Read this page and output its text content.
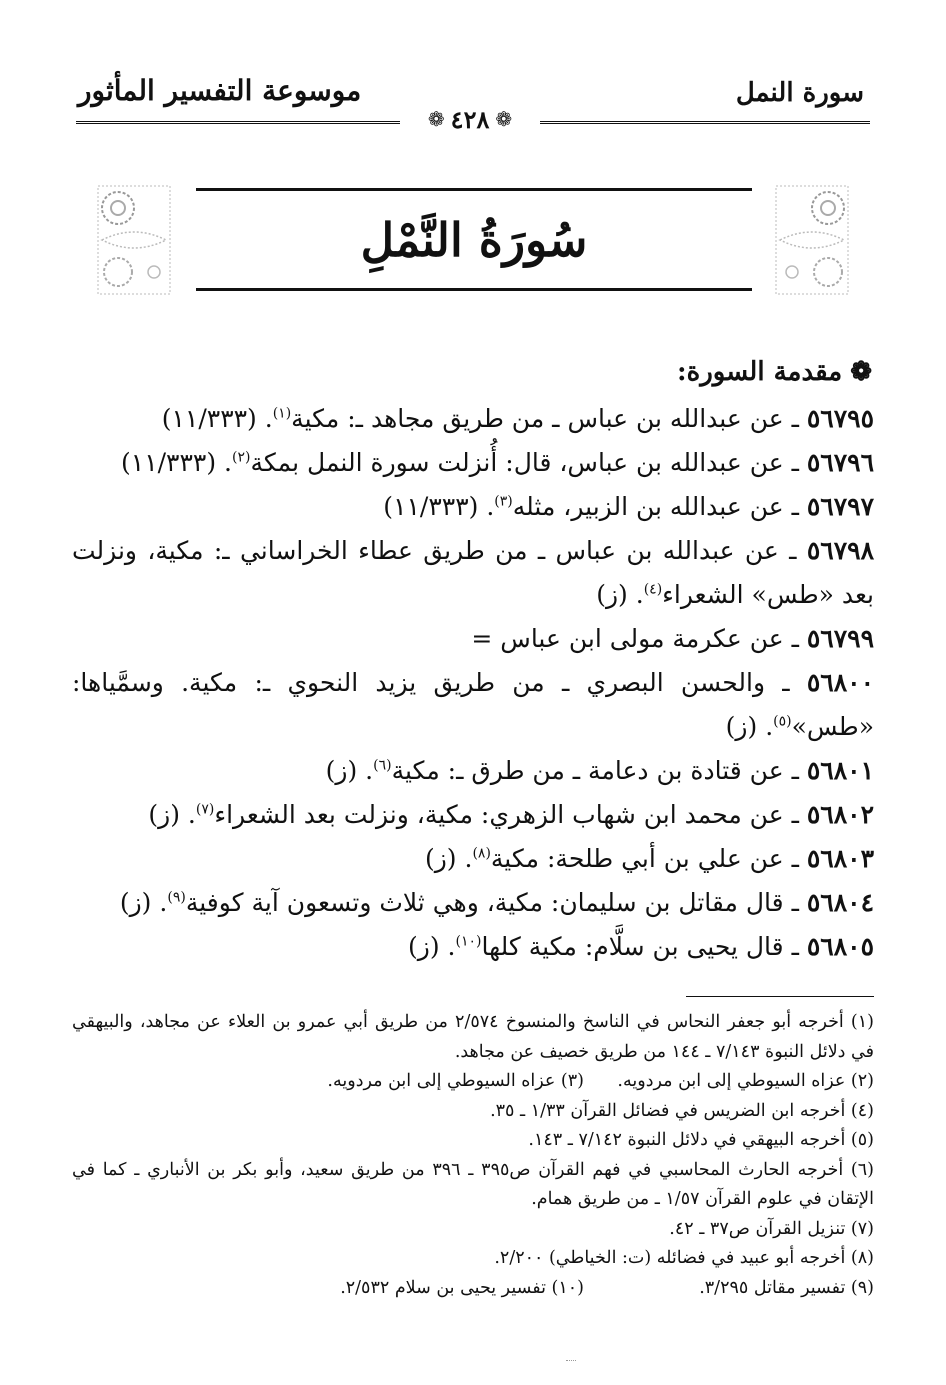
سورة النمل
موسوعة التفسير المأثور
❁
٤٢٨
❁
سُورَةُ النَّمْلِ
❁
مقدمة السورة:
٥٦٧٩٥ ـ عن عبدالله بن عباس ـ من طريق مجاهد ـ: مكية$^{(١)}$. (١١/٣٣٣)
٥٦٧٩٦ ـ عن عبدالله بن عباس، قال: أُنزلت سورة النمل بمكة$^{(٢)}$. (١١/٣٣٣)
٥٦٧٩٧ ـ عن عبدالله بن الزبير، مثله$^{(٣)}$. (١١/٣٣٣)
٥٦٧٩٨ ـ عن عبدالله بن عباس ـ من طريق عطاء الخراساني ـ: مكية، ونزلت بعد «طس» الشعراء$^{(٤)}$. (ز)
٥٦٧٩٩ ـ عن عكرمة مولى ابن عباس =
٥٦٨٠٠ ـ والحسن البصري ـ من طريق يزيد النحوي ـ: مكية. وسمَّياها: «طس»$^{(٥)}$. (ز)
٥٦٨٠١ ـ عن قتادة بن دعامة ـ من طرق ـ: مكية$^{(٦)}$. (ز)
٥٦٨٠٢ ـ عن محمد ابن شهاب الزهري: مكية، ونزلت بعد الشعراء$^{(٧)}$. (ز)
٥٦٨٠٣ ـ عن علي بن أبي طلحة: مكية$^{(٨)}$. (ز)
٥٦٨٠٤ ـ قال مقاتل بن سليمان: مكية، وهي ثلاث وتسعون آية كوفية$^{(٩)}$. (ز)
٥٦٨٠٥ ـ قال يحيى بن سلَّام: مكية كلها$^{(١٠)}$. (ز)
(١) أخرجه أبو جعفر النحاس في الناسخ والمنسوخ ٢/٥٧٤ من طريق أبي عمرو بن العلاء عن مجاهد، والبيهقي في دلائل النبوة ٧/١٤٣ ـ ١٤٤ من طريق خصيف عن مجاهد.
(٢) عزاه السيوطي إلى ابن مردويه.
(٣) عزاه السيوطي إلى ابن مردويه.
(٤) أخرجه ابن الضريس في فضائل القرآن ١/٣٣ ـ ٣٥.
(٥) أخرجه البيهقي في دلائل النبوة ٧/١٤٢ ـ ١٤٣.
(٦) أخرجه الحارث المحاسبي في فهم القرآن ص٣٩٥ ـ ٣٩٦ من طريق سعيد، وأبو بكر بن الأنباري ـ كما في الإتقان في علوم القرآن ١/٥٧ ـ من طريق همام.
(٧) تنزيل القرآن ص٣٧ ـ ٤٢.
(٨) أخرجه أبو عبيد في فضائله (ت: الخياطي) ٢/٢٠٠.
(٩) تفسير مقاتل ٣/٢٩٥.
(١٠) تفسير يحيى بن سلام ٢/٥٣٢.
